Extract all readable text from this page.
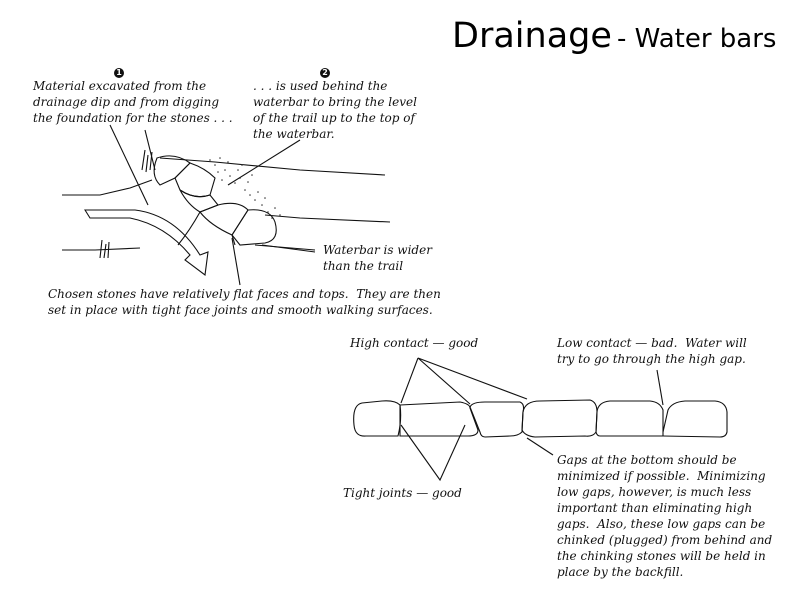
Drainage - Water bars
1	2
Material excavated from the
drainage dip and from digging
the foundation for the stones . . .
. . . is used behind the
waterbar to bring the level
of the trail up to the top of
the waterbar.
Waterbar is wider
than the trail
Chosen stones have relatively flat faces and tops.  They are then
set in place with tight face joints and smooth walking surfaces.
High contact — good	Low contact — bad.  Water will
try to go through the high gap.
Tight joints — good
Gaps at the bottom should be
minimized if possible.  Minimizing
low gaps, however, is much less
important than eliminating high
gaps.  Also, these low gaps can be
chinked (plugged) from behind and
the chinking stones will be held in
place by the backfill.
